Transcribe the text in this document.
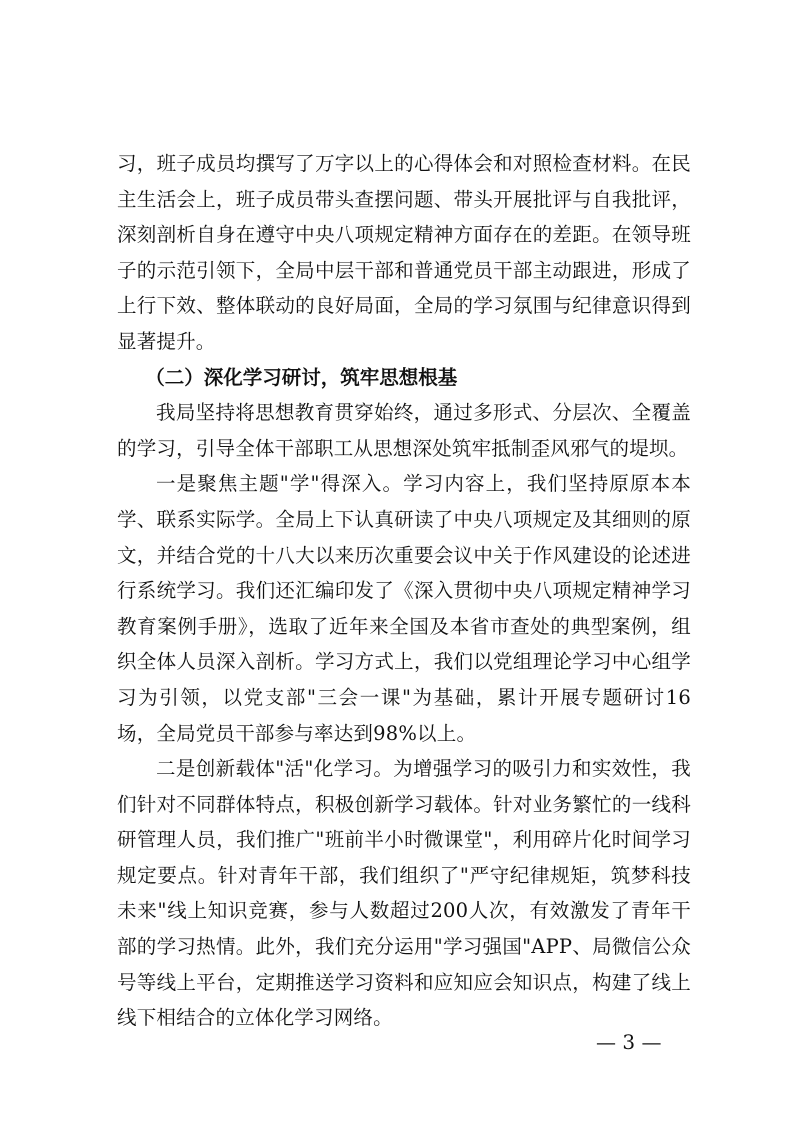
习，班子成员均撰写了万字以上的心得体会和对照检查材料。在民主生活会上，班子成员带头查摆问题、带头开展批评与自我批评，深刻剖析自身在遵守中央八项规定精神方面存在的差距。在领导班子的示范引领下，全局中层干部和普通党员干部主动跟进，形成了上行下效、整体联动的良好局面，全局的学习氛围与纪律意识得到显著提升。

（二）深化学习研讨，筑牢思想根基

我局坚持将思想教育贯穿始终，通过多形式、分层次、全覆盖的学习，引导全体干部职工从思想深处筑牢抵制歪风邪气的堤坝。

一是聚焦主题"学"得深入。学习内容上，我们坚持原原本本学、联系实际学。全局上下认真研读了中央八项规定及其细则的原文，并结合党的十八大以来历次重要会议中关于作风建设的论述进行系统学习。我们还汇编印发了《深入贯彻中央八项规定精神学习教育案例手册》，选取了近年来全国及本省市查处的典型案例，组织全体人员深入剖析。学习方式上，我们以党组理论学习中心组学习为引领，以党支部"三会一课"为基础，累计开展专题研讨16场，全局党员干部参与率达到98%以上。

二是创新载体"活"化学习。为增强学习的吸引力和实效性，我们针对不同群体特点，积极创新学习载体。针对业务繁忙的一线科研管理人员，我们推广"班前半小时微课堂"，利用碎片化时间学习规定要点。针对青年干部，我们组织了"严守纪律规矩，筑梦科技未来"线上知识竞赛，参与人数超过200人次，有效激发了青年干部的学习热情。此外，我们充分运用"学习强国"APP、局微信公众号等线上平台，定期推送学习资料和应知应会知识点，构建了线上线下相结合的立体化学习网络。

— 3 —
